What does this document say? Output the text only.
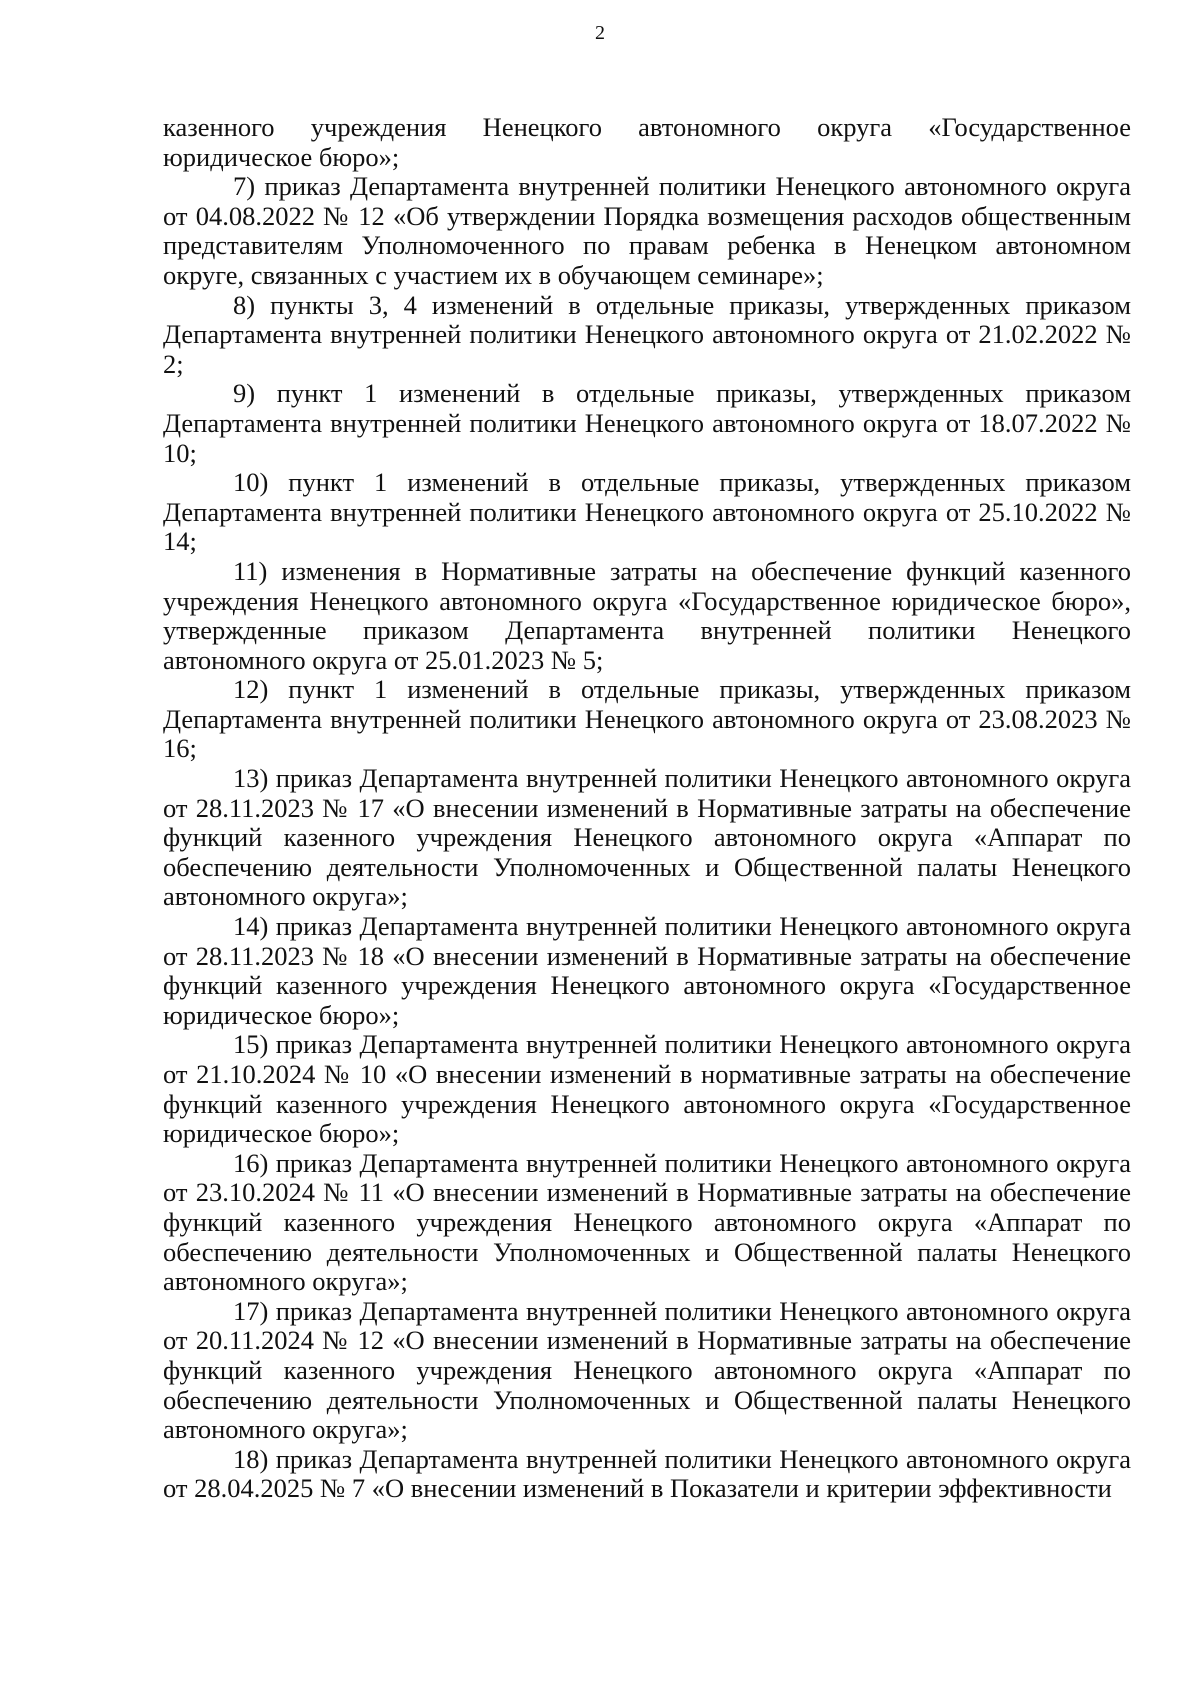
2

казенного учреждения Ненецкого автономного округа «Государственное юридическое бюро»;

7) приказ Департамента внутренней политики Ненецкого автономного округа от 04.08.2022 № 12 «Об утверждении Порядка возмещения расходов общественным представителям Уполномоченного по правам ребенка в Ненецком автономном округе, связанных с участием их в обучающем семинаре»;

8) пункты 3, 4 изменений в отдельные приказы, утвержденных приказом Департамента внутренней политики Ненецкого автономного округа от 21.02.2022 № 2;

9) пункт 1 изменений в отдельные приказы, утвержденных приказом Департамента внутренней политики Ненецкого автономного округа от 18.07.2022 № 10;

10) пункт 1 изменений в отдельные приказы, утвержденных приказом Департамента внутренней политики Ненецкого автономного округа от 25.10.2022 № 14;

11) изменения в Нормативные затраты на обеспечение функций казенного учреждения Ненецкого автономного округа «Государственное юридическое бюро», утвержденные приказом Департамента внутренней политики Ненецкого автономного округа от 25.01.2023 № 5;

12) пункт 1 изменений в отдельные приказы, утвержденных приказом Департамента внутренней политики Ненецкого автономного округа от 23.08.2023 № 16;

13) приказ Департамента внутренней политики Ненецкого автономного округа от 28.11.2023 № 17 «О внесении изменений в Нормативные затраты на обеспечение функций казенного учреждения Ненецкого автономного округа «Аппарат по обеспечению деятельности Уполномоченных и Общественной палаты Ненецкого автономного округа»;

14) приказ Департамента внутренней политики Ненецкого автономного округа от 28.11.2023 № 18 «О внесении изменений в Нормативные затраты на обеспечение функций казенного учреждения Ненецкого автономного округа «Государственное юридическое бюро»;

15) приказ Департамента внутренней политики Ненецкого автономного округа от 21.10.2024 № 10 «О внесении изменений в нормативные затраты на обеспечение функций казенного учреждения Ненецкого автономного округа «Государственное юридическое бюро»;

16) приказ Департамента внутренней политики Ненецкого автономного округа от 23.10.2024 № 11 «О внесении изменений в Нормативные затраты на обеспечение функций казенного учреждения Ненецкого автономного округа «Аппарат по обеспечению деятельности Уполномоченных и Общественной палаты Ненецкого автономного округа»;

17) приказ Департамента внутренней политики Ненецкого автономного округа от 20.11.2024 № 12 «О внесении изменений в Нормативные затраты на обеспечение функций казенного учреждения Ненецкого автономного округа «Аппарат по обеспечению деятельности Уполномоченных и Общественной палаты Ненецкого автономного округа»;

18) приказ Департамента внутренней политики Ненецкого автономного округа от 28.04.2025 № 7 «О внесении изменений в Показатели и критерии эффективности
